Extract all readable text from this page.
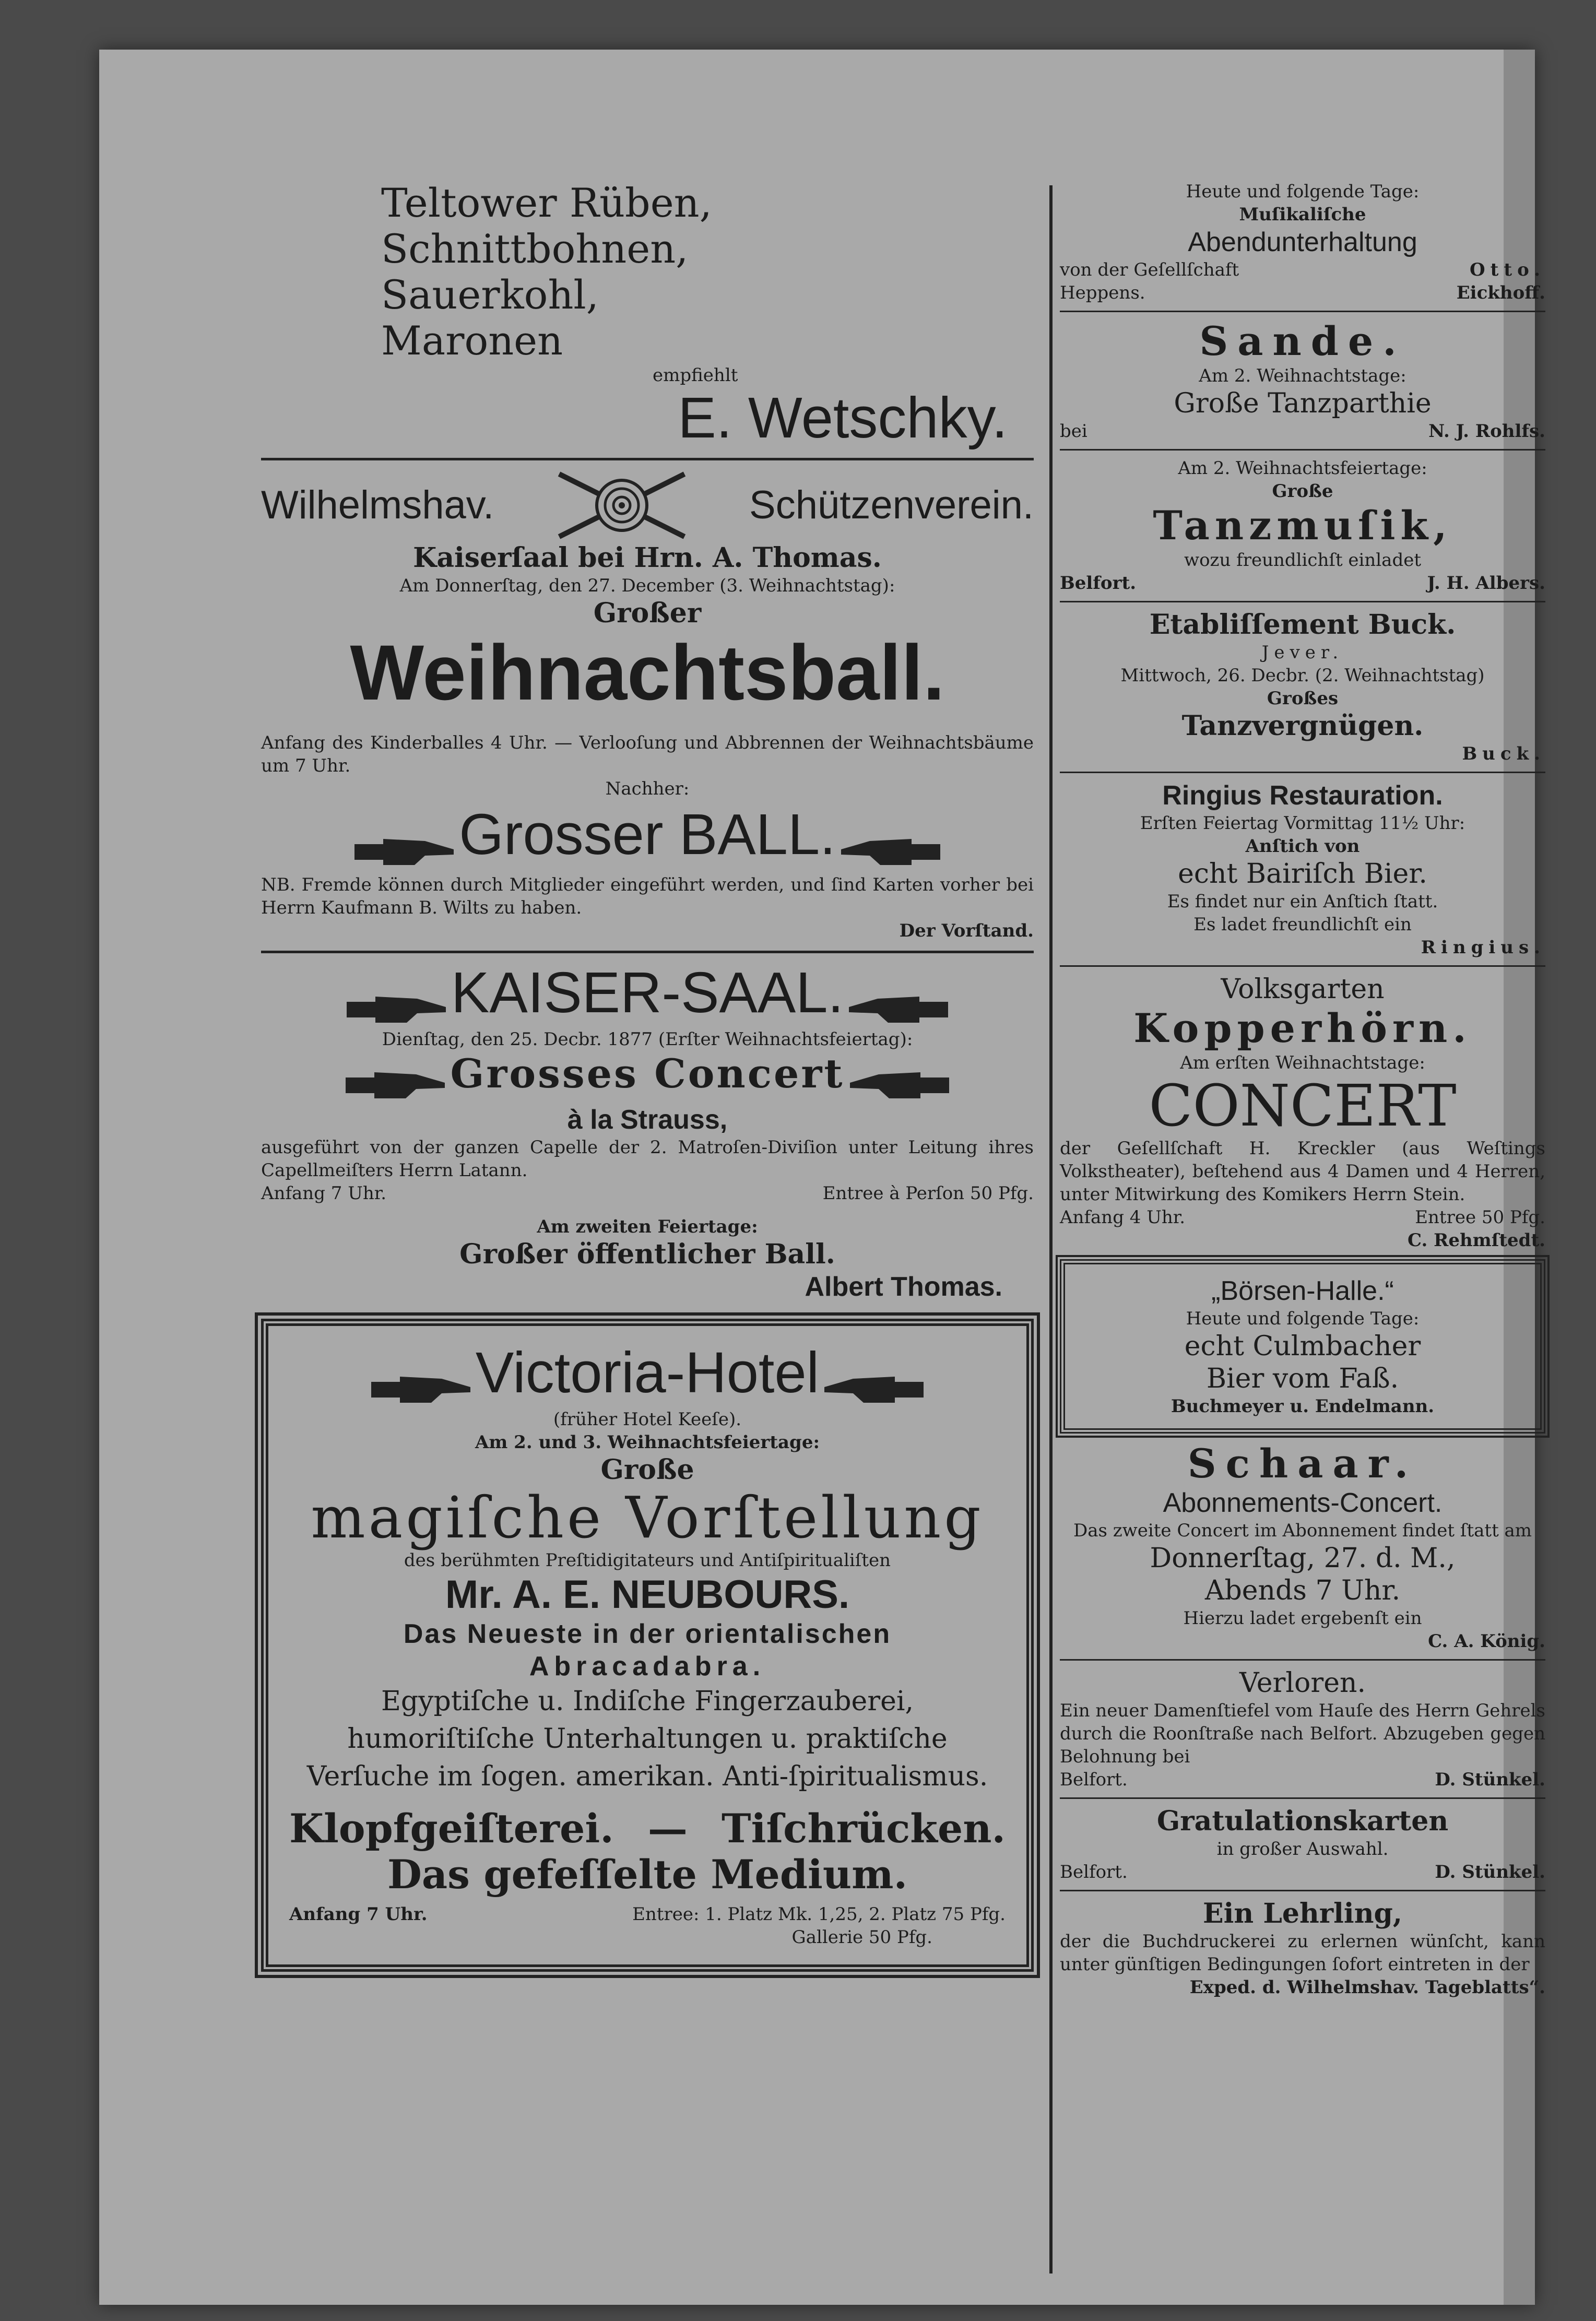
Teltower Rüben,
Schnittbohnen,
Sauerkohl,
Maronen
empfiehlt
E. Wetschky.
Wilhelmshav.	Schützenverein.
Kaiserſaal bei Hrn. A. Thomas.
Am Donnerſtag, den 27. December (3. Weihnachtstag):
Großer
Weihnachtsball.
Anfang des Kinderballes 4 Uhr. — Verlooſung und Abbrennen der Weihnachtsbäume um 7 Uhr.
Nachher:
Grosser BALL.
NB. Fremde können durch Mitglieder eingeführt werden, und ſind Karten vorher bei Herrn Kaufmann B. Wilts zu haben.
Der Vorſtand.
KAISER-SAAL.
Dienſtag, den 25. Decbr. 1877 (Erſter Weihnachtsfeiertag):
Grosses Concert
à la Strauss,
ausgeführt von der ganzen Capelle der 2. Matroſen-Diviſion unter Leitung ihres Capellmeiſters Herrn Latann.
Anfang 7 Uhr.	Entree à Perſon 50 Pfg.
Am zweiten Feiertage:
Großer öffentlicher Ball.
Albert Thomas.
Victoria-Hotel
(früher Hotel Keeſe).
Am 2. und 3. Weihnachtsfeiertage:
Große
magiſche Vorſtellung
des berühmten Preſtidigitateurs und Antiſpiritualiſten
Mr. A. E. NEUBOURS.
Das Neueste in der orientalischen
Abracadabra.
Egyptiſche u. Indiſche Fingerzauberei, humoriſtiſche Unterhaltungen u. praktiſche Verſuche im ſogen. amerikan. Anti-ſpiritualismus.
Klopfgeiſterei. — Tiſchrücken.
Das gefeſſelte Medium.
Anfang 7 Uhr.	Entree: 1. Platz Mk. 1,25, 2. Platz 75 Pfg.
Gallerie 50 Pfg.
Heute und folgende Tage:
Muſikaliſche
Abendunterhaltung
von der Geſellſchaft	Otto.
Heppens.	Eickhoff.
Sande.
Am 2. Weihnachtstage:
Große Tanzparthie
bei	N. J. Rohlfs.
Am 2. Weihnachtsfeiertage:
Große
Tanzmuſik,
wozu freundlichſt einladet
Belfort.	J. H. Albers.
Etabliſſement Buck.
Jever.
Mittwoch, 26. Decbr. (2. Weihnachtstag)
Großes
Tanzvergnügen.
Buck.
Ringius Restauration.
Erſten Feiertag Vormittag 11½ Uhr:
Anſtich von
echt Bairiſch Bier.
Es findet nur ein Anſtich ſtatt.
Es ladet freundlichſt ein
Ringius.
Volksgarten
Kopperhörn.
Am erſten Weihnachtstage:
CONCERT
der Geſellſchaft H. Kreckler (aus Weſtings Volkstheater), beſtehend aus 4 Damen und 4 Herren, unter Mitwirkung des Komikers Herrn Stein.
Anfang 4 Uhr.	Entree 50 Pfg.
C. Rehmſtedt.
„Börsen-Halle.“
Heute und folgende Tage:
echt Culmbacher
Bier vom Faß.
Buchmeyer u. Endelmann.
Schaar.
Abonnements-Concert.
Das zweite Concert im Abonnement findet ſtatt am
Donnerſtag, 27. d. M.,
Abends 7 Uhr.
Hierzu ladet ergebenſt ein
C. A. König.
Verloren.
Ein neuer Damenſtiefel vom Hauſe des Herrn Gehrels durch die Roonſtraße nach Belfort. Abzugeben gegen Belohnung bei
Belfort.	D. Stünkel.
Gratulationskarten
in großer Auswahl.
Belfort.	D. Stünkel.
Ein Lehrling,
der die Buchdruckerei zu erlernen wünſcht, kann unter günſtigen Bedingungen ſofort eintreten in der
Exped. d. Wilhelmshav. Tageblatts“.
